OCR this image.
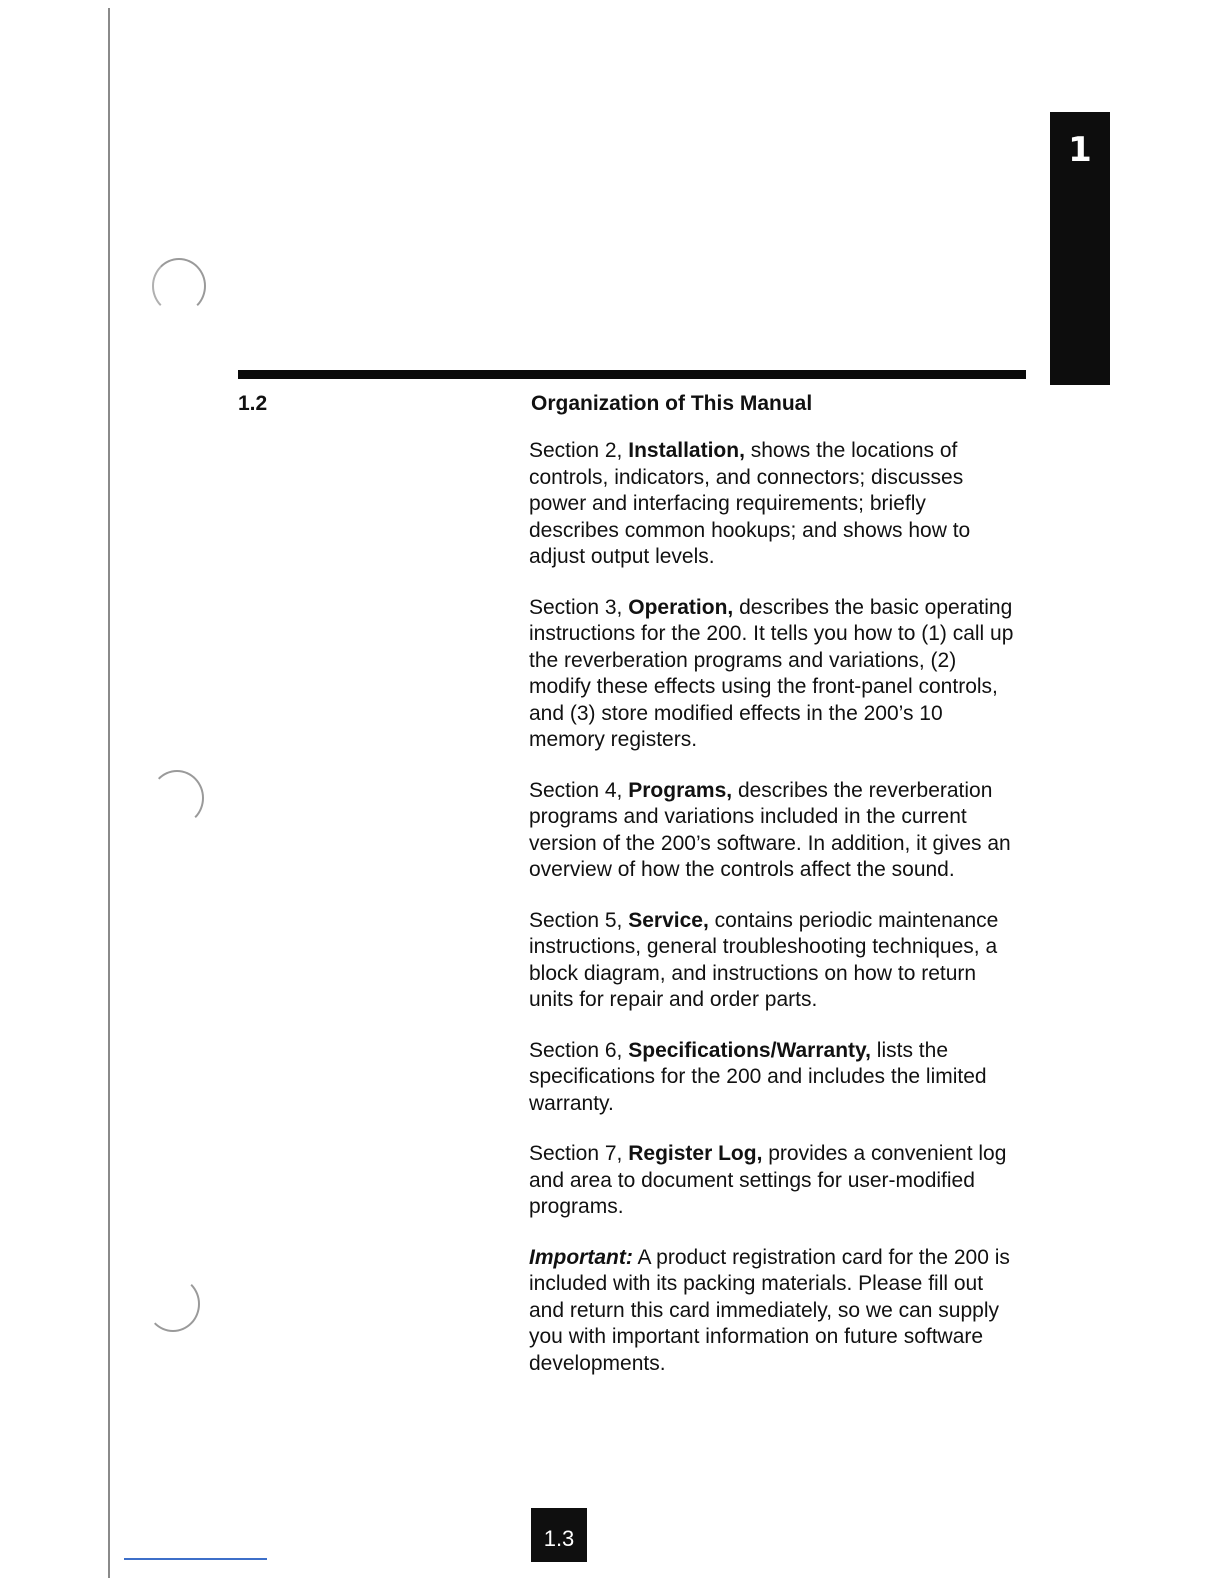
1
1.2	Organization of This Manual

Section 2, Installation, shows the locations of controls, indicators, and connectors; discusses power and interfacing requirements; briefly describes common hookups; and shows how to adjust output levels.

Section 3, Operation, describes the basic operating instructions for the 200. It tells you how to (1) call up the reverberation programs and variations, (2) modify these effects using the front-panel controls, and (3) store modified effects in the 200’s 10 memory registers.

Section 4, Programs, describes the reverberation programs and variations included in the current version of the 200’s software. In addition, it gives an overview of how the controls affect the sound.

Section 5, Service, contains periodic maintenance instructions, general troubleshooting techniques, a block diagram, and instructions on how to return units for repair and order parts.

Section 6, Specifications/Warranty, lists the specifications for the 200 and includes the limited warranty.

Section 7, Register Log, provides a convenient log and area to document settings for user-modified programs.

Important: A product registration card for the 200 is included with its packing materials. Please fill out and return this card immediately, so we can supply you with important information on future software developments.

1.3
